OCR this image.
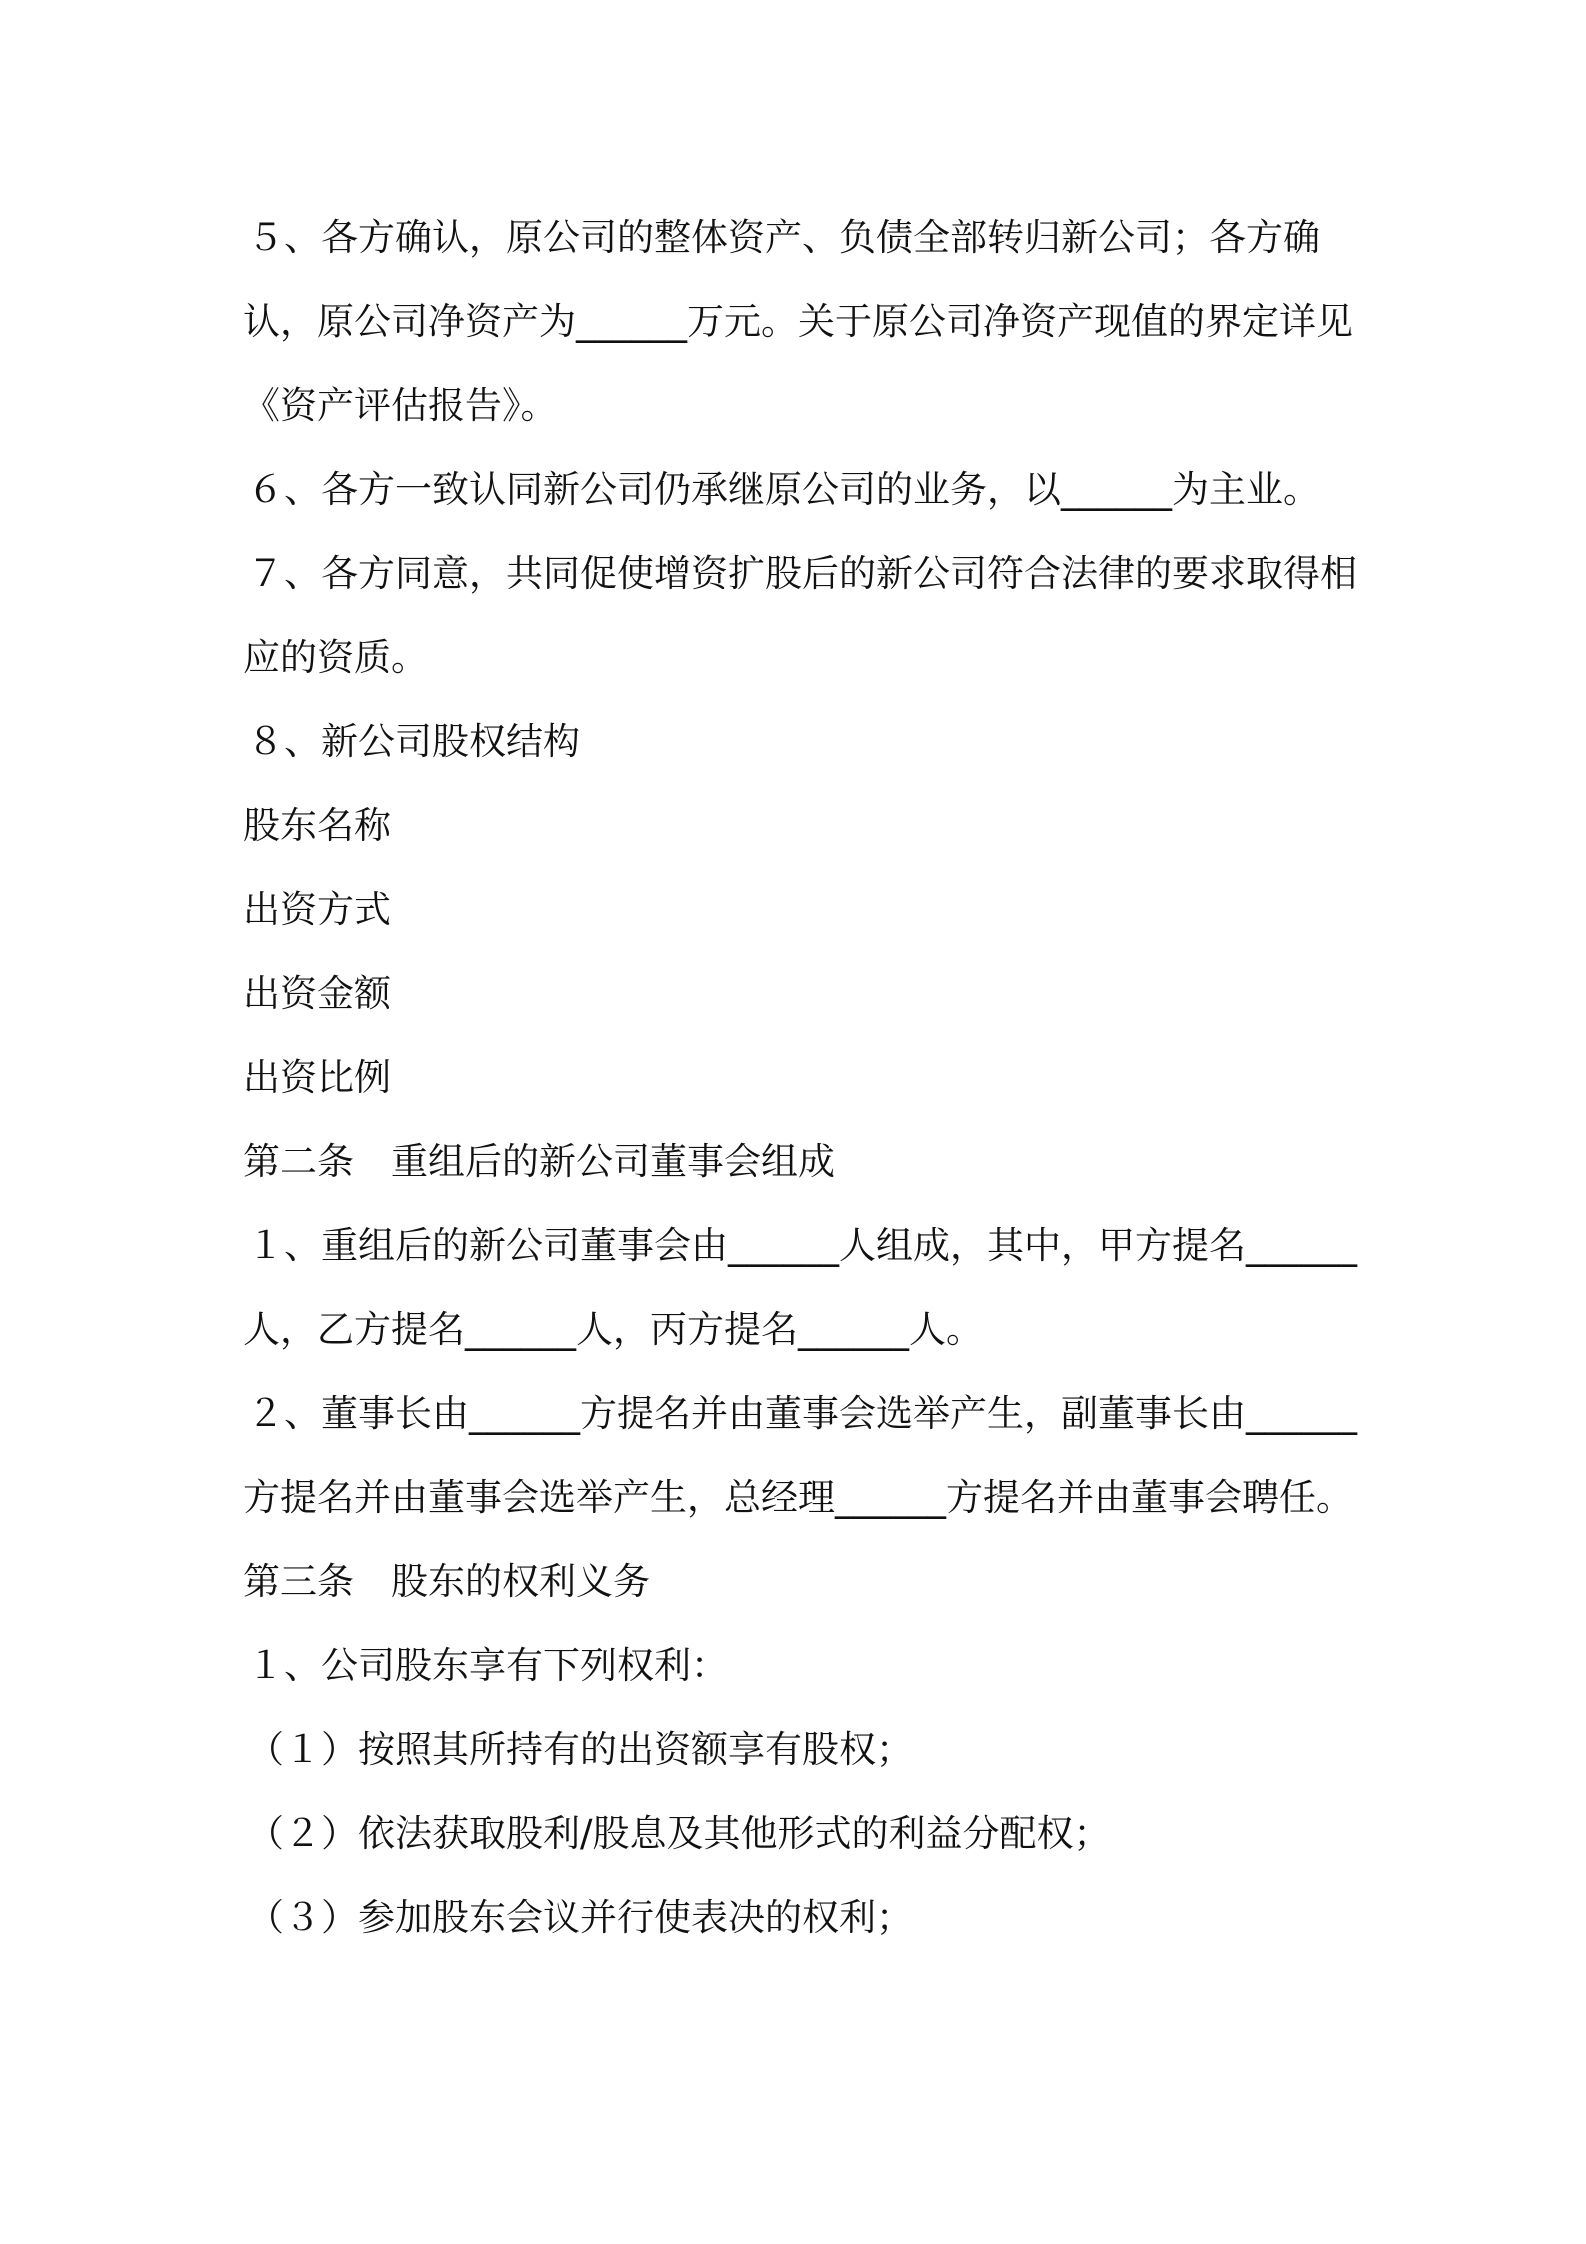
５、各方确认，原公司的整体资产、负债全部转归新公司；各方确认，原公司净资产为______万元。关于原公司净资产现值的界定详见《资产评估报告》。

６、各方一致认同新公司仍承继原公司的业务，以______为主业。

７、各方同意，共同促使增资扩股后的新公司符合法律的要求取得相应的资质。

８、新公司股权结构

股东名称

出资方式

出资金额

出资比例

第二条　重组后的新公司董事会组成

１、重组后的新公司董事会由______人组成，其中，甲方提名______人，乙方提名______人，丙方提名______人。

２、董事长由______方提名并由董事会选举产生，副董事长由______方提名并由董事会选举产生，总经理______方提名并由董事会聘任。

第三条　股东的权利义务

１、公司股东享有下列权利：

（１）按照其所持有的出资额享有股权；

（２）依法获取股利/股息及其他形式的利益分配权；

（３）参加股东会议并行使表决的权利；
